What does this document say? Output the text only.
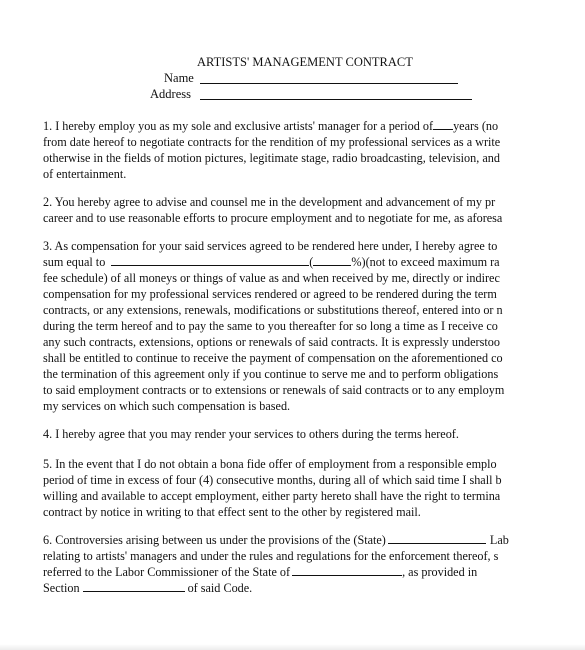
ARTISTS' MANAGEMENT CONTRACT
Name
Address
1. I hereby employ you as my sole and exclusive artists' manager for a period of years (no
from date hereof to negotiate contracts for the rendition of my professional services as a write
otherwise in the fields of motion pictures, legitimate stage, radio broadcasting, television, and
of entertainment.
2. You hereby agree to advise and counsel me in the development and advancement of my pr
career and to use reasonable efforts to procure employment and to negotiate for me, as aforesa
3. As compensation for your said services agreed to be rendered here under, I hereby agree to
sum equal to	(	%)(not to exceed maximum ra
fee schedule) of all moneys or things of value as and when received by me, directly or indirec
compensation for my professional services rendered or agreed to be rendered during the term
contracts, or any extensions, renewals, modifications or substitutions thereof, entered into or n
during the term hereof and to pay the same to you thereafter for so long a time as I receive co
any such contracts, extensions, options or renewals of said contracts. It is expressly understoo
shall be entitled to continue to receive the payment of compensation on the aforementioned co
the termination of this agreement only if you continue to serve me and to perform obligations
to said employment contracts or to extensions or renewals of said contracts or to any employm
my services on which such compensation is based.
4. I hereby agree that you may render your services to others during the terms hereof.
5. In the event that I do not obtain a bona fide offer of employment from a responsible emplo
period of time in excess of four (4) consecutive months, during all of which said time I shall b
willing and available to accept employment, either party hereto shall have the right to termina
contract by notice in writing to that effect sent to the other by registered mail.
6. Controversies arising between us under the provisions of the (State)	Lab
relating to artists' managers and under the rules and regulations for the enforcement thereof, s
referred to the Labor Commissioner of the State of	, as provided in
Section	of said Code.
